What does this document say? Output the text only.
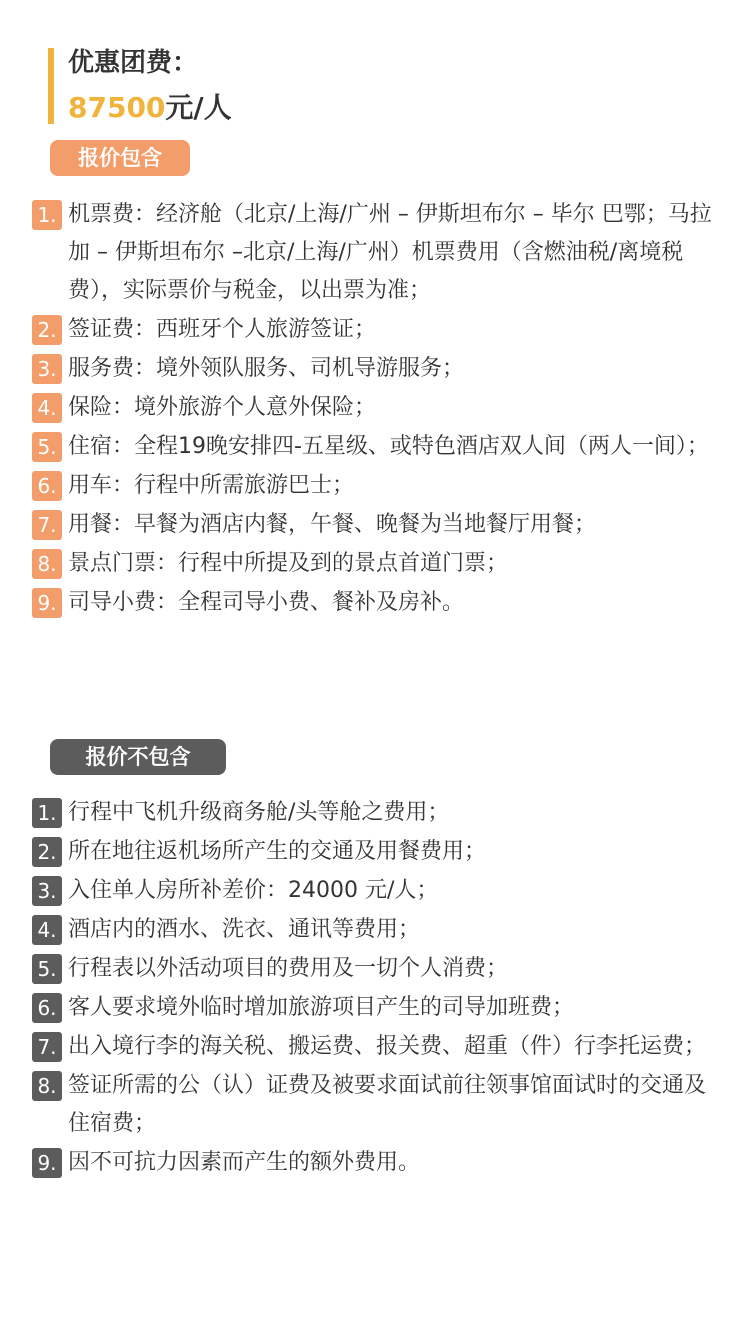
优惠团费：
87500元/人
报价包含
1. 机票费：经济舱（北京/上海/广州 – 伊斯坦布尔 – 毕尔 巴鄂；马拉加 – 伊斯坦布尔 –北京/上海/广州）机票费用（含燃油税/离境税费），实际票价与税金，以出票为准；
2. 签证费：西班牙个人旅游签证；
3. 服务费：境外领队服务、司机导游服务；
4. 保险：境外旅游个人意外保险；
5. 住宿：全程19晚安排四-五星级、或特色酒店双人间（两人一间）；
6. 用车：行程中所需旅游巴士；
7. 用餐：早餐为酒店内餐，午餐、晚餐为当地餐厅用餐；
8. 景点门票：行程中所提及到的景点首道门票；
9. 司导小费：全程司导小费、餐补及房补。
报价不包含
1. 行程中飞机升级商务舱/头等舱之费用；
2. 所在地往返机场所产生的交通及用餐费用；
3. 入住单人房所补差价：24000 元/人；
4. 酒店内的酒水、洗衣、通讯等费用；
5. 行程表以外活动项目的费用及一切个人消费；
6. 客人要求境外临时增加旅游项目产生的司导加班费；
7. 出入境行李的海关税、搬运费、报关费、超重（件）行李托运费；
8. 签证所需的公（认）证费及被要求面试前往领事馆面试时的交通及住宿费；
9. 因不可抗力因素而产生的额外费用。
